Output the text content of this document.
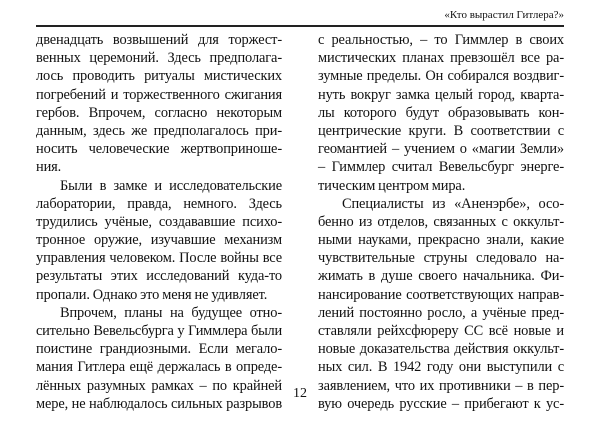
«Кто вырастил Гитлера?»
двенадцать возвышений для торжест-
венных церемоний. Здесь предполага-
лось проводить ритуалы мистических
погребений и торжественного сжигания
гербов. Впрочем, согласно некоторым
данным, здесь же предполагалось при-
носить человеческие жертвоприноше-
ния.
Были в замке и исследовательские
лаборатории, правда, немного. Здесь
трудились учёные, создававшие психо-
тронное оружие, изучавшие механизм
управления человеком. После войны все
результаты этих исследований куда-то
пропали. Однако это меня не удивляет.
Впрочем, планы на будущее отно-
сительно Вевельсбурга у Гиммлера были
поистине грандиозными. Если мегало-
мания Гитлера ещё держалась в опреде-
лённых разумных рамках – по крайней
мере, не наблюдалось сильных разрывов
с реальностью, – то Гиммлер в своих
мистических планах превзошёл все ра-
зумные пределы. Он собирался воздвиг-
нуть вокруг замка целый город, кварта-
лы которого будут образовывать кон-
центрические круги. В соответствии с
геомантией – учением о «магии Земли»
– Гиммлер считал Вевельсбург энерге-
тическим центром мира.
Специалисты из «Аненэрбе», осо-
бенно из отделов, связанных с оккульт-
ными науками, прекрасно знали, какие
чувствительные струны следовало на-
жимать в душе своего начальника. Фи-
нансирование соответствующих направ-
лений постоянно росло, а учёные пред-
ставляли рейхсфюреру СС всё новые и
новые доказательства действия оккульт-
ных сил. В 1942 году они выступили с
заявлением, что их противники – в пер-
вую очередь русские – прибегают к ус-
12
